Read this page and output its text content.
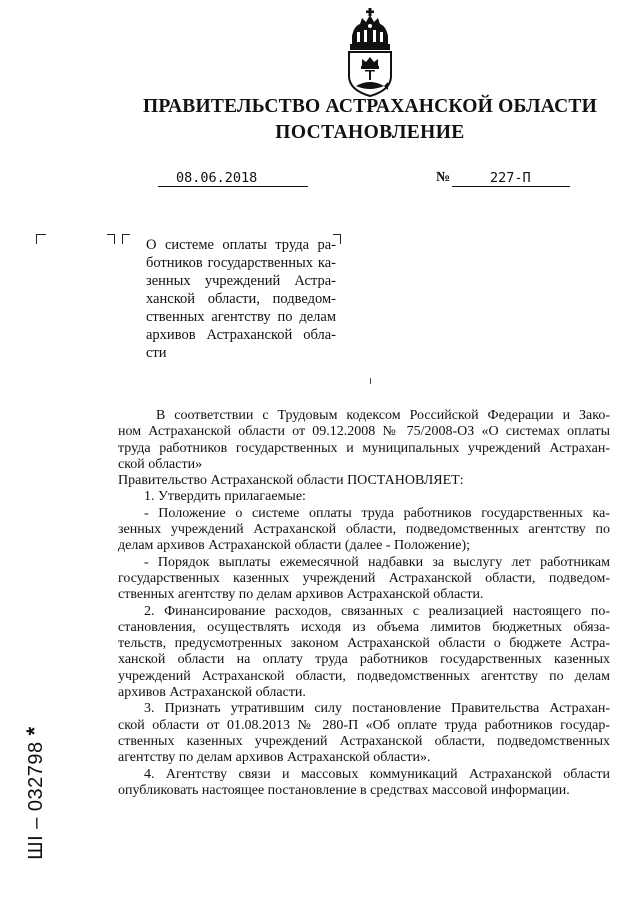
ПРАВИТЕЛЬСТВО АСТРАХАНСКОЙ ОБЛАСТИ
ПОСТАНОВЛЕНИЕ
08.06.2018	№	227-П
О системе оплаты труда ра-
ботников государственных ка-
зенных учреждений Астра-
ханской области, подведом-
ственных агентству по делам
архивов Астраханской обла-
сти
В соответствии с Трудовым кодексом Российской Федерации и Зако-
ном Астраханской области от 09.12.2008 № 75/2008-ОЗ «О системах оплаты
труда работников государственных и муниципальных учреждений Астрахан-
ской области»
Правительство Астраханской области ПОСТАНОВЛЯЕТ:
1. Утвердить прилагаемые:
- Положение о системе оплаты труда работников государственных ка-
зенных учреждений Астраханской области, подведомственных агентству по
делам архивов Астраханской области (далее - Положение);
- Порядок выплаты ежемесячной надбавки за выслугу лет работникам
государственных казенных учреждений Астраханской области, подведом-
ственных агентству по делам архивов Астраханской области.
2. Финансирование расходов, связанных с реализацией настоящего по-
становления, осуществлять исходя из объема лимитов бюджетных обяза-
тельств, предусмотренных законом Астраханской области о бюджете Астра-
ханской области на оплату труда работников государственных казенных
учреждений Астраханской области, подведомственных агентству по делам
архивов Астраханской области.
3. Признать утратившим силу постановление Правительства Астрахан-
ской области от 01.08.2013 № 280-П «Об оплате труда работников государ-
ственных казенных учреждений Астраханской области, подведомственных
агентству по делам архивов Астраханской области».
4. Агентству связи и массовых коммуникаций Астраханской области
опубликовать настоящее постановление в средствах массовой информации.
ШІ – 032798*
